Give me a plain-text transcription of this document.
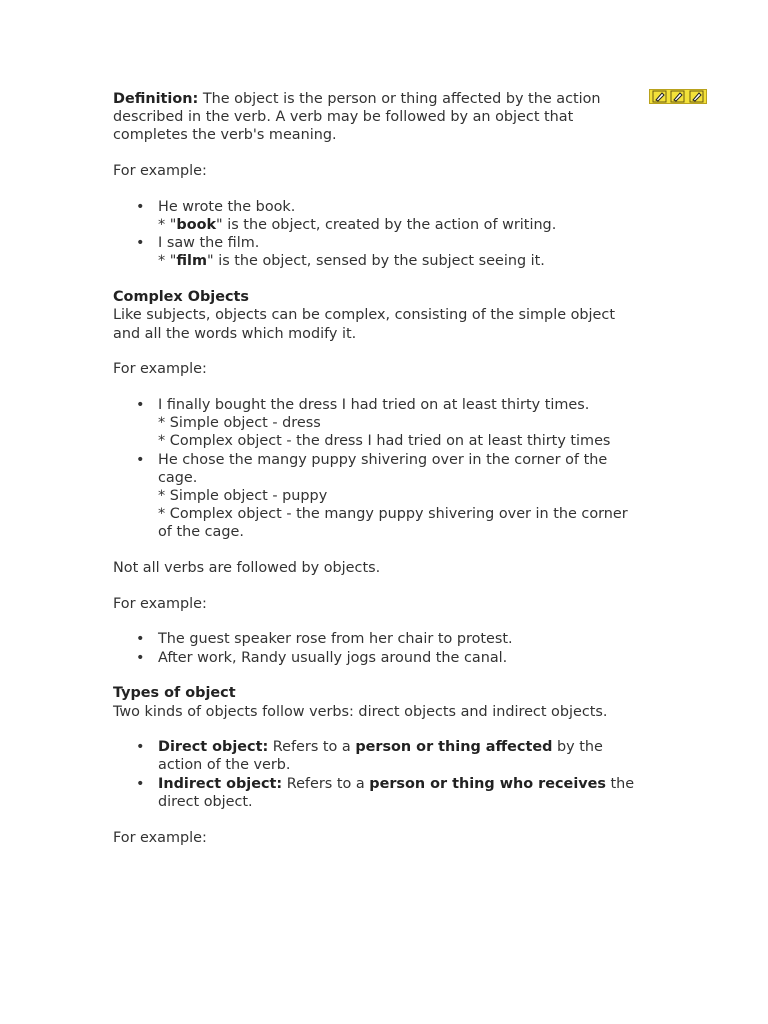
Definition: The object is the person or thing affected by the action described in the verb. A verb may be followed by an object that completes the verb's meaning.

For example:

• He wrote the book.
* "book" is the object, created by the action of writing.
• I saw the film.
* "film" is the object, sensed by the subject seeing it.

Complex Objects
Like subjects, objects can be complex, consisting of the simple object and all the words which modify it.

For example:

• I finally bought the dress I had tried on at least thirty times.
* Simple object - dress
* Complex object - the dress I had tried on at least thirty times
• He chose the mangy puppy shivering over in the corner of the cage.
* Simple object - puppy
* Complex object - the mangy puppy shivering over in the corner of the cage.

Not all verbs are followed by objects.

For example:

• The guest speaker rose from her chair to protest.
• After work, Randy usually jogs around the canal.

Types of object
Two kinds of objects follow verbs: direct objects and indirect objects.

• Direct object: Refers to a person or thing affected by the action of the verb.
• Indirect object: Refers to a person or thing who receives the direct object.

For example:
